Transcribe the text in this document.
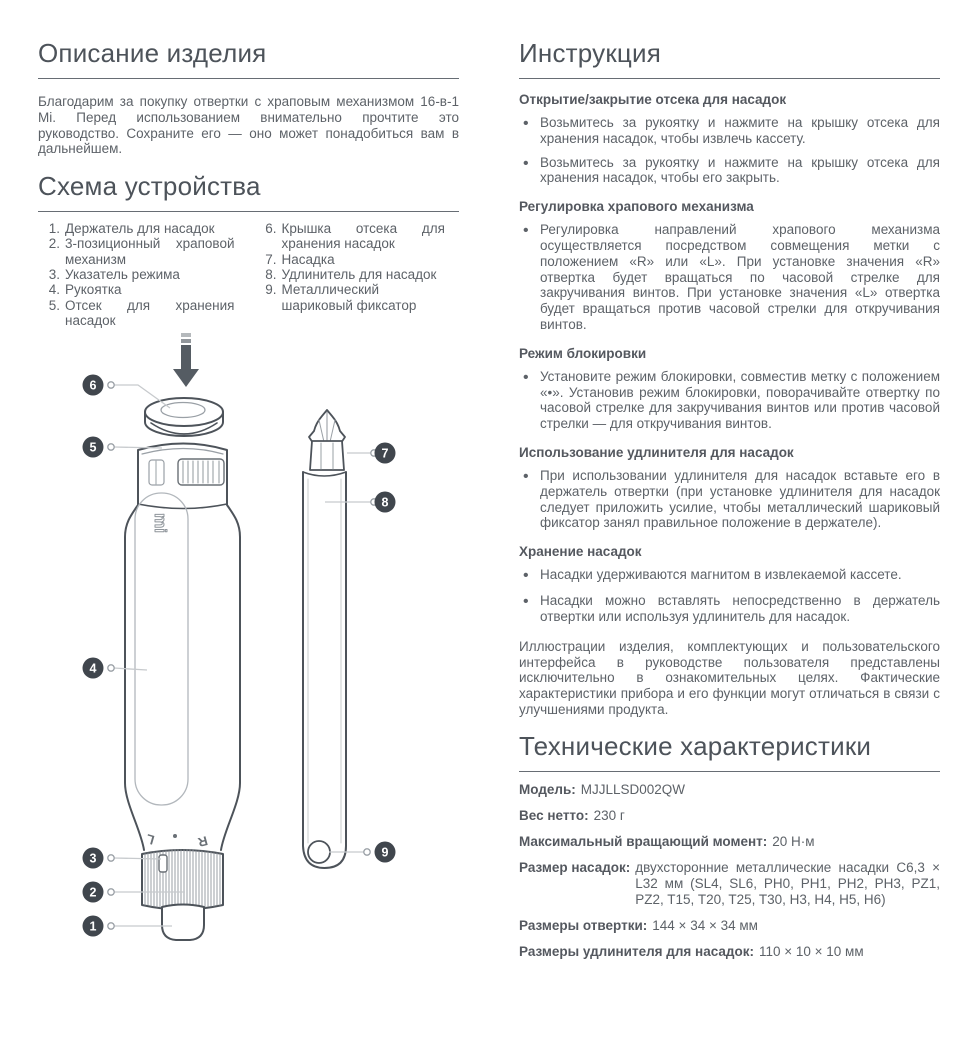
Описание изделия

Благодарим за покупку отвертки с храповым механизмом 16-в-1 Mi. Перед использованием внимательно прочтите это руководство. Сохраните его — оно может понадобиться вам в дальнейшем.

Схема устройства
1. Держатель для насадок
2. 3-позиционный храповой механизм
3. Указатель режима
4. Рукоятка
5. Отсек для хранения насадок
6. Крышка отсека для хранения насадок
7. Насадка
8. Удлинитель для насадок
9. Металлический шариковый фиксатор
mi
L	R
6
5
4
3
2
1
7
8
9
Инструкция
Открытие/закрытие отсека для насадок
• Возьмитесь за рукоятку и нажмите на крышку отсека для хранения насадок, чтобы извлечь кассету.
• Возьмитесь за рукоятку и нажмите на крышку отсека для хранения насадок, чтобы его закрыть.
Регулировка храпового механизма
• Регулировка направлений храпового механизма осуществляется посредством совмещения метки с положением «R» или «L». При установке значения «R» отвертка будет вращаться по часовой стрелке для закручивания винтов. При установке значения «L» отвертка будет вращаться против часовой стрелки для откручивания винтов.
Режим блокировки
• Установите режим блокировки, совместив метку с положением «•». Установив режим блокировки, поворачивайте отвертку по часовой стрелке для закручивания винтов или против часовой стрелки — для откручивания винтов.
Использование удлинителя для насадок
• При использовании удлинителя для насадок вставьте его в держатель отвертки (при установке удлинителя для насадок следует приложить усилие, чтобы металлический шариковый фиксатор занял правильное положение в держателе).
Хранение насадок
• Насадки удерживаются магнитом в извлекаемой кассете.
• Насадки можно вставлять непосредственно в держатель отвертки или используя удлинитель для насадок.

Иллюстрации изделия, комплектующих и пользовательского интерфейса в руководстве пользователя представлены исключительно в ознакомительных целях. Фактические характеристики прибора и его функции могут отличаться в связи с улучшениями продукта.

Технические характеристики
Модель: MJJLLSD002QW
Вес нетто: 230 г
Максимальный вращающий момент: 20 Н·м
Размер насадок: двухсторонние металлические насадки С6,3 × L32 мм (SL4, SL6, PH0, PH1, PH2, PH3, PZ1, PZ2, T15, T20, T25, T30, H3, H4, H5, H6)
Размеры отвертки: 144 × 34 × 34 мм
Размеры удлинителя для насадок: 110 × 10 × 10 мм
